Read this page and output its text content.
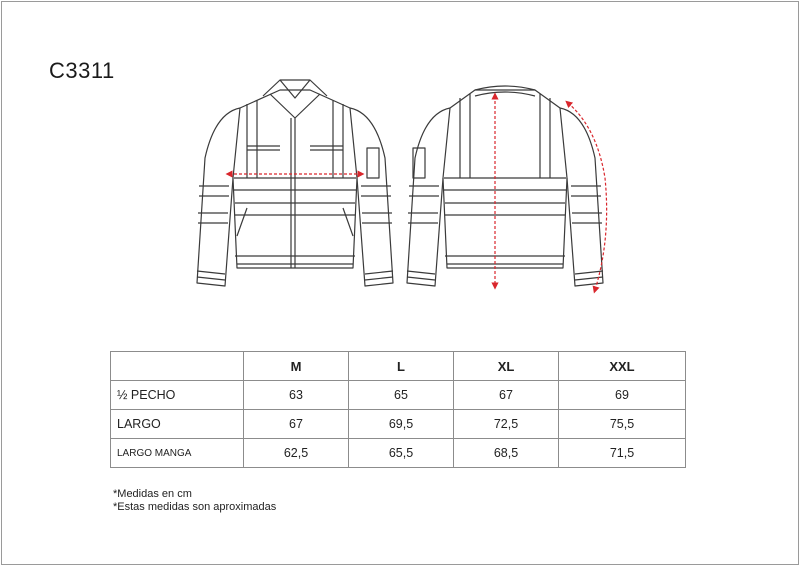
C3311
	M	L	XL	XXL
½ PECHO	63	65	67	69
LARGO	67	69,5	72,5	75,5
LARGO MANGA	62,5	65,5	68,5	71,5
*Medidas en cm
*Estas medidas son aproximadas
